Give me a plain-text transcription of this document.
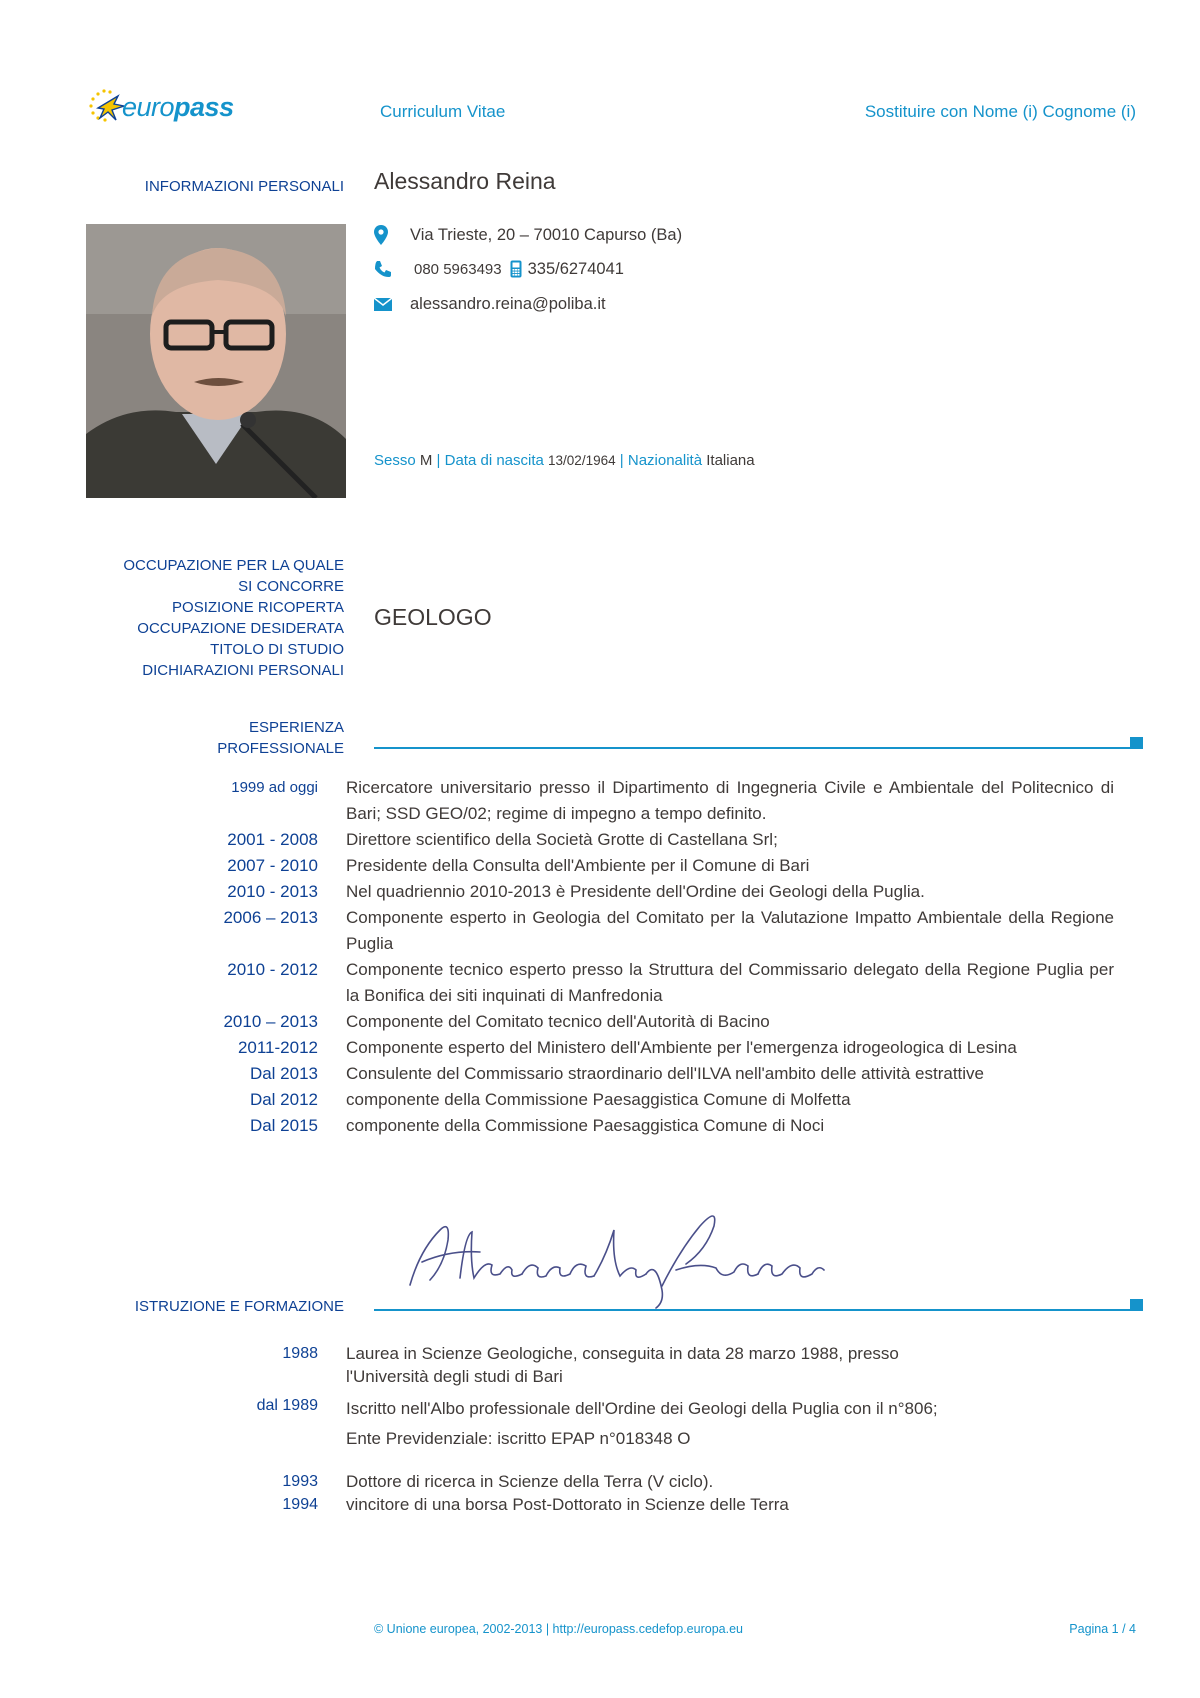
europass	Curriculum Vitae	Sostituire con Nome (i) Cognome (i)
INFORMAZIONI PERSONALI Alessandro Reina
Via Trieste, 20 – 70010 Capurso (Ba)
080 5963493 335/6274041
alessandro.reina@poliba.it
Sesso M | Data di nascita 13/02/1964 | Nazionalità Italiana
OCCUPAZIONE PER LA QUALE
SI CONCORRE
POSIZIONE RICOPERTA
OCCUPAZIONE DESIDERATA
TITOLO DI STUDIO
DICHIARAZIONI PERSONALI
GEOLOGO
ESPERIENZA
PROFESSIONALE
1999 ad oggi	Ricercatore universitario presso il Dipartimento di Ingegneria Civile e Ambientale del Politecnico di Bari; SSD GEO/02; regime di impegno a tempo definito.
2001 - 2008	Direttore scientifico della Società Grotte di Castellana Srl;
2007 - 2010	Presidente della Consulta dell'Ambiente per il Comune di Bari
2010 - 2013	Nel quadriennio 2010-2013 è Presidente dell'Ordine dei Geologi della Puglia.
2006 – 2013	Componente esperto in Geologia del Comitato per la Valutazione Impatto Ambientale della Regione Puglia
2010 - 2012	Componente tecnico esperto presso la Struttura del Commissario delegato della Regione Puglia per la Bonifica dei siti inquinati di Manfredonia
2010 – 2013	Componente del Comitato tecnico dell'Autorità di Bacino
2011-2012	Componente esperto del Ministero dell'Ambiente per l'emergenza idrogeologica di Lesina
Dal 2013	Consulente del Commissario straordinario dell'ILVA nell'ambito delle attività estrattive
Dal 2012	componente della Commissione Paesaggistica Comune di Molfetta
Dal 2015	componente della Commissione Paesaggistica Comune di Noci
ISTRUZIONE E FORMAZIONE
1988	Laurea in Scienze Geologiche, conseguita in data 28 marzo 1988, presso l'Università degli studi di Bari
dal 1989	Iscritto nell'Albo professionale dell'Ordine dei Geologi della Puglia con il n°806; Ente Previdenziale: iscritto EPAP n°018348 O
1993	Dottore di ricerca in Scienze della Terra (V ciclo).
1994	vincitore di una borsa Post-Dottorato in Scienze delle Terra
© Unione europea, 2002-2013 | http://europass.cedefop.europa.eu	Pagina 1 / 4
